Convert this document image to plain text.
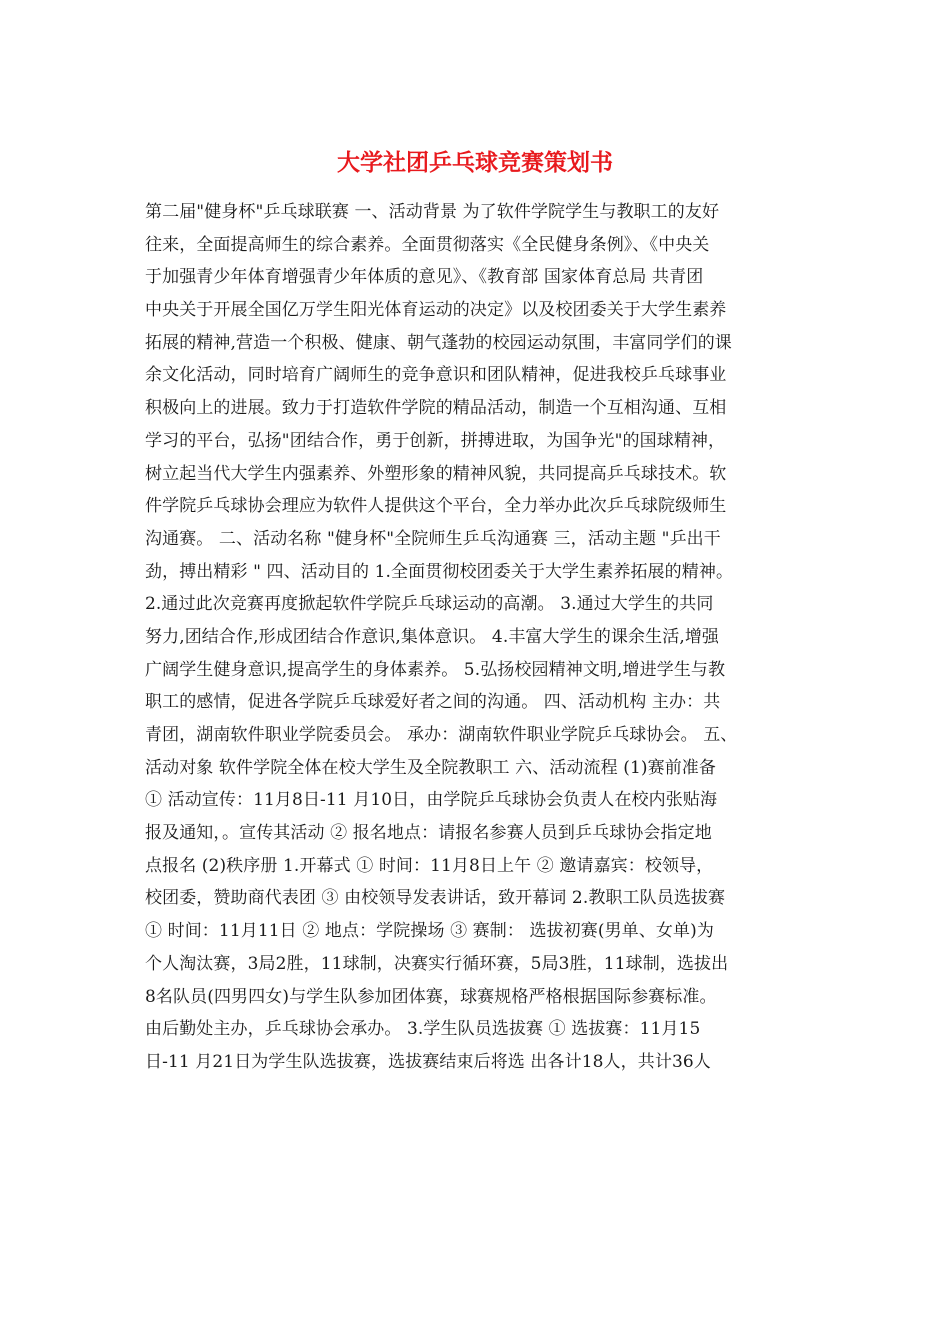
大学社团乒乓球竞赛策划书
第二届"健身杯"乒乓球联赛 一、活动背景 为了软件学院学生与教职工的友好
往来，全面提高师生的综合素养。全面贯彻落实《全民健身条例》、《中央关
于加强青少年体育增强青少年体质的意见》、《教育部 国家体育总局 共青团
中央关于开展全国亿万学生阳光体育运动的决定》以及校团委关于大学生素养
拓展的精神,营造一个积极、健康、朝气蓬勃的校园运动氛围，丰富同学们的课
余文化活动，同时培育广阔师生的竞争意识和团队精神，促进我校乒乓球事业
积极向上的进展。致力于打造软件学院的精品活动，制造一个互相沟通、互相
学习的平台，弘扬"团结合作，勇于创新，拼搏进取，为国争光"的国球精神，
树立起当代大学生内强素养、外塑形象的精神风貌，共同提高乒乓球技术。软
件学院乒乓球协会理应为软件人提供这个平台，全力举办此次乒乓球院级师生
沟通赛。 二、活动名称 "健身杯"全院师生乒乓沟通赛 三，活动主题 "乒出干
劲，搏出精彩 " 四、活动目的 1.全面贯彻校团委关于大学生素养拓展的精神。
2.通过此次竞赛再度掀起软件学院乒乓球运动的高潮。 3.通过大学生的共同
努力,团结合作,形成团结合作意识,集体意识。 4.丰富大学生的课余生活,增强
广阔学生健身意识,提高学生的身体素养。 5.弘扬校园精神文明,增进学生与教
职工的感情，促进各学院乒乓球爱好者之间的沟通。 四、活动机构 主办：共
青团，湖南软件职业学院委员会。 承办：湖南软件职业学院乒乓球协会。 五、
活动对象 软件学院全体在校大学生及全院教职工 六、活动流程 (1)赛前准备
① 活动宣传：11月8日-11 月10日，由学院乒乓球协会负责人在校内张贴海
报及通知，。宣传其活动 ② 报名地点：请报名参赛人员到乒乓球协会指定地
点报名 (2)秩序册 1.开幕式 ① 时间：11月8日上午 ② 邀请嘉宾：校领导，
校团委，赞助商代表团 ③ 由校领导发表讲话，致开幕词 2.教职工队员选拔赛
① 时间：11月11日 ② 地点：学院操场 ③ 赛制： 选拔初赛(男单、女单)为
个人淘汰赛，3局2胜，11球制，决赛实行循环赛，5局3胜，11球制，选拔出
8名队员(四男四女)与学生队参加团体赛，球赛规格严格根据国际参赛标准。
由后勤处主办，乒乓球协会承办。 3.学生队员选拔赛 ① 选拔赛：11月15
日-11 月21日为学生队选拔赛，选拔赛结束后将选 出各计18人，共计36人
